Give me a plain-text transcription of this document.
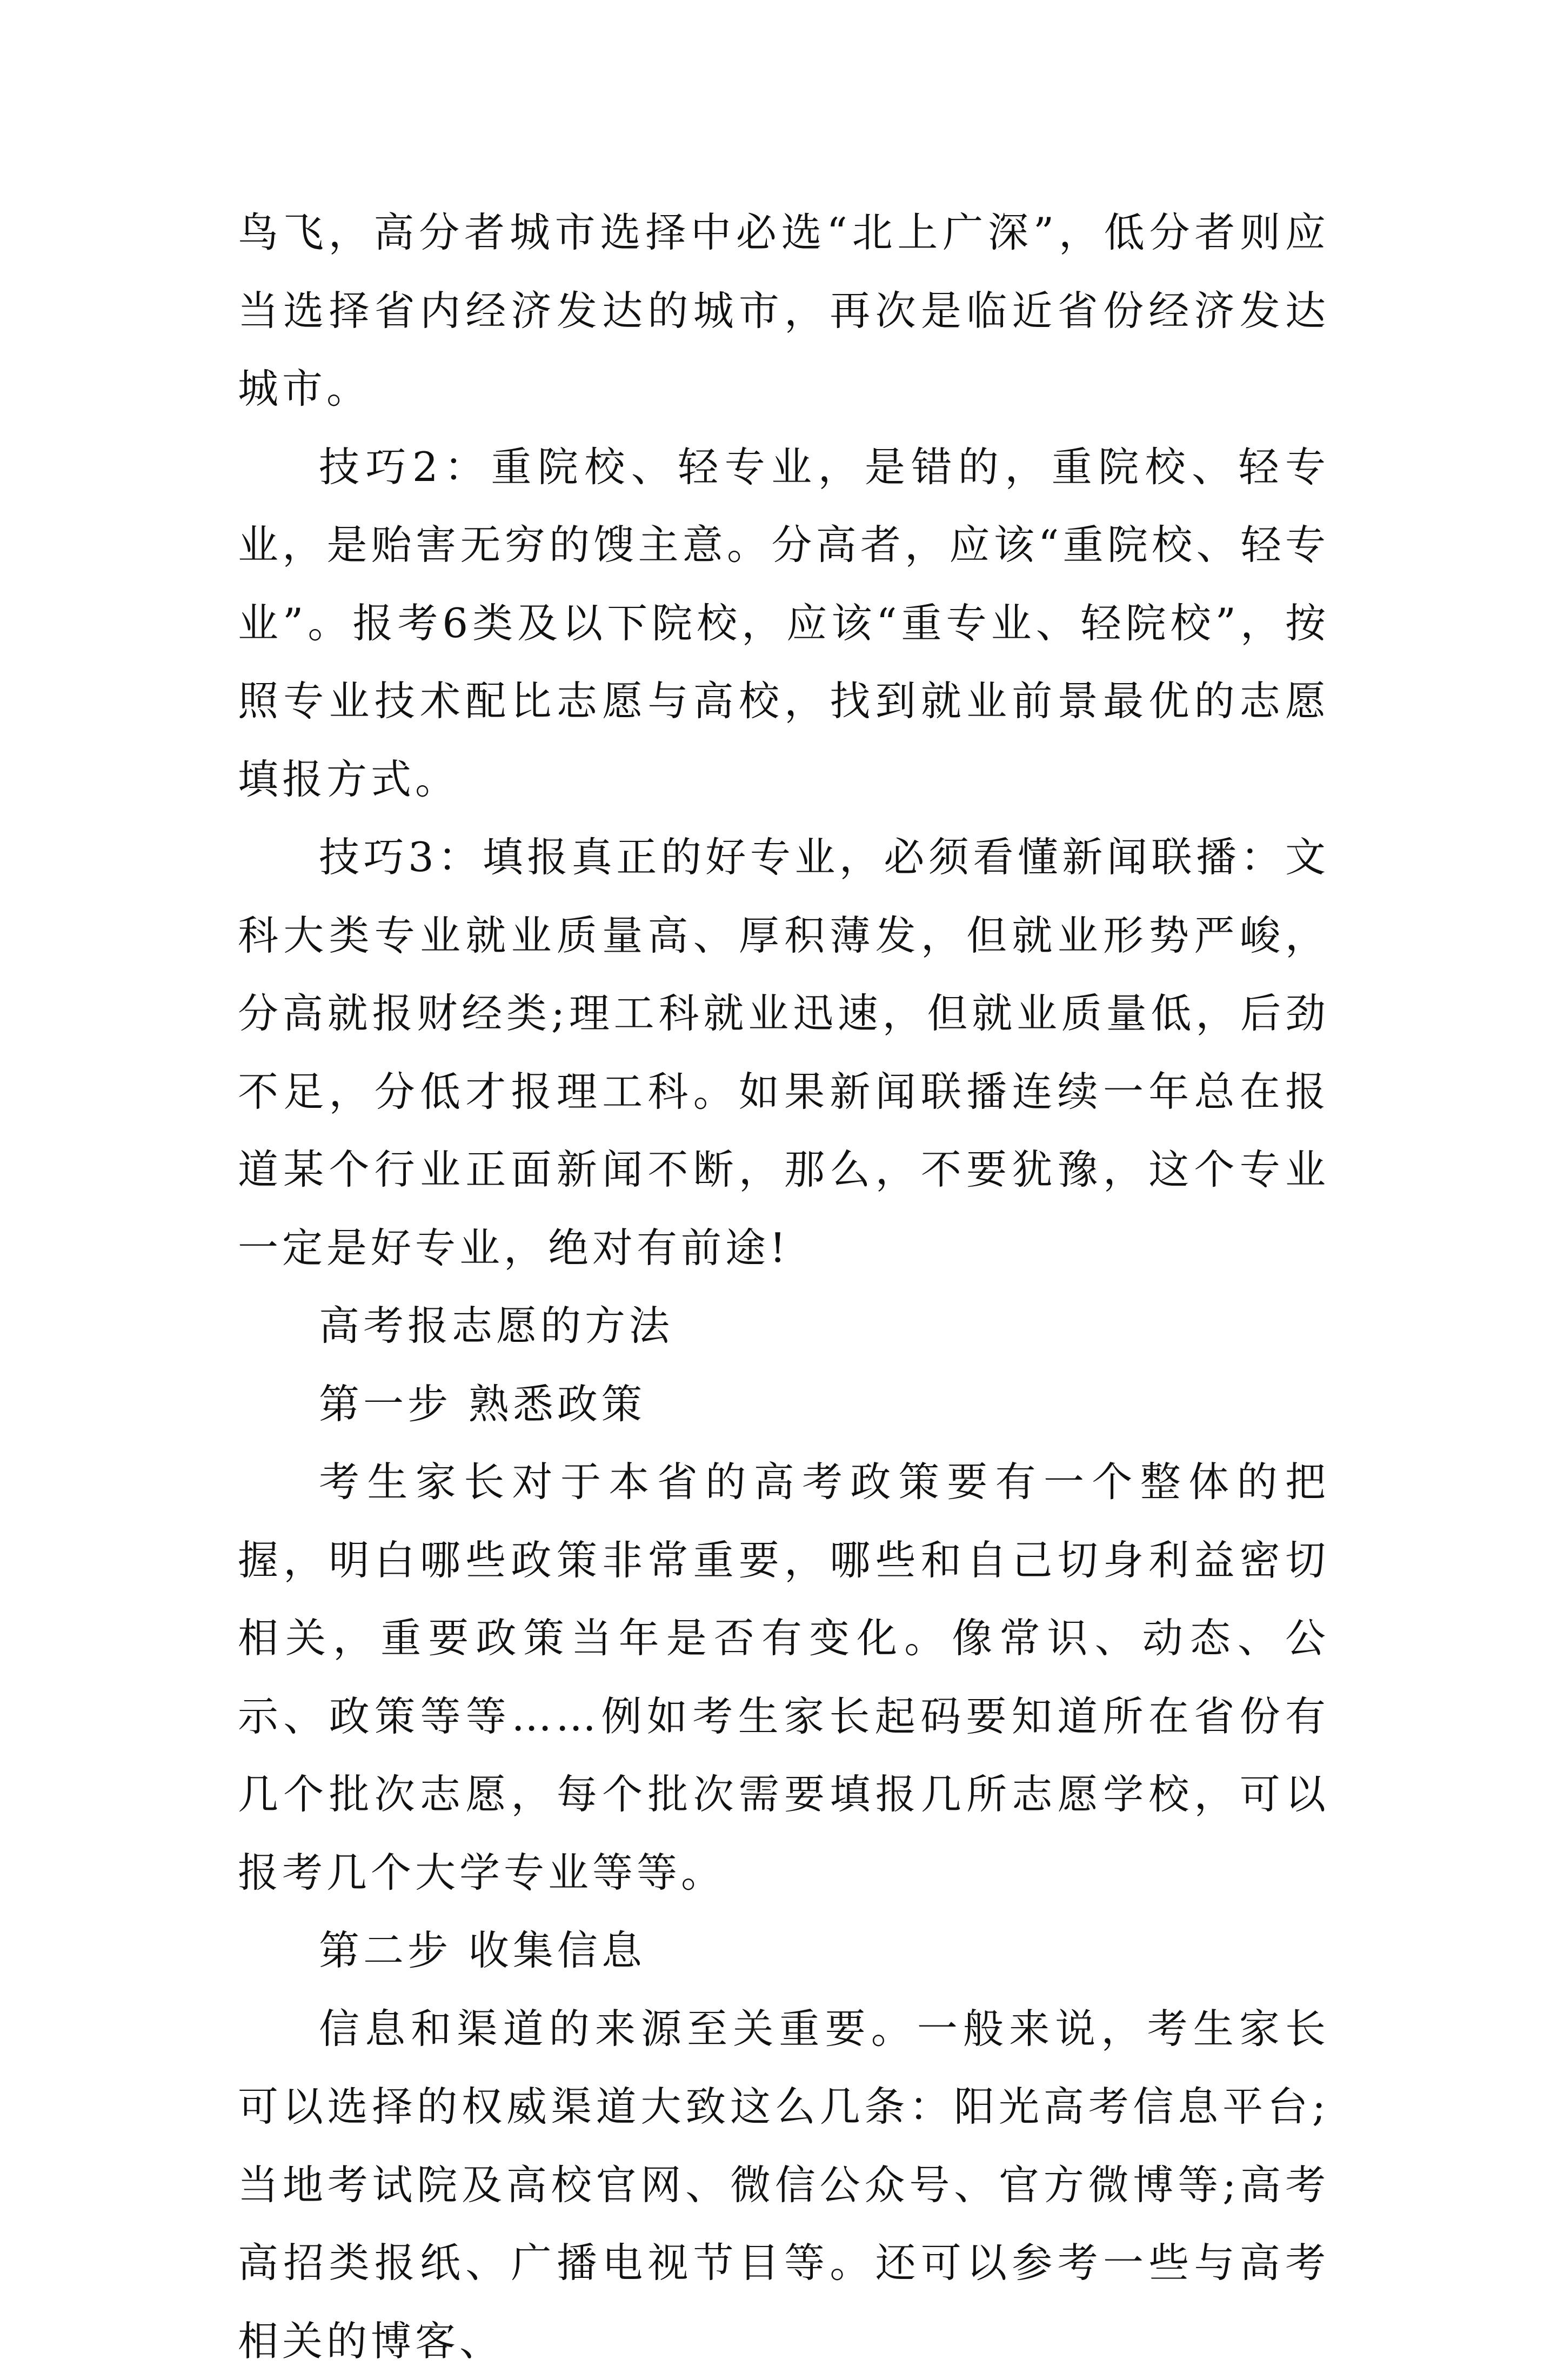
鸟飞，高分者城市选择中必选“北上广深”，低分者则应当选择省内经济发达的城市，再次是临近省份经济发达城市。

技巧2：重院校、轻专业，是错的，重院校、轻专业，是贻害无穷的馊主意。分高者，应该“重院校、轻专业”。报考6类及以下院校，应该“重专业、轻院校”，按照专业技术配比志愿与高校，找到就业前景最优的志愿填报方式。

技巧3：填报真正的好专业，必须看懂新闻联播：文科大类专业就业质量高、厚积薄发，但就业形势严峻，分高就报财经类;理工科就业迅速，但就业质量低，后劲不足，分低才报理工科。如果新闻联播连续一年总在报道某个行业正面新闻不断，那么，不要犹豫，这个专业一定是好专业，绝对有前途!

高考报志愿的方法

第一步 熟悉政策

考生家长对于本省的高考政策要有一个整体的把握，明白哪些政策非常重要，哪些和自己切身利益密切相关，重要政策当年是否有变化。像常识、动态、公示、政策等等……例如考生家长起码要知道所在省份有几个批次志愿，每个批次需要填报几所志愿学校，可以报考几个大学专业等等。

第二步 收集信息

信息和渠道的来源至关重要。一般来说，考生家长可以选择的权威渠道大致这么几条：阳光高考信息平台;当地考试院及高校官网、微信公众号、官方微博等;高考高招类报纸、广播电视节目等。还可以参考一些与高考相关的博客、
